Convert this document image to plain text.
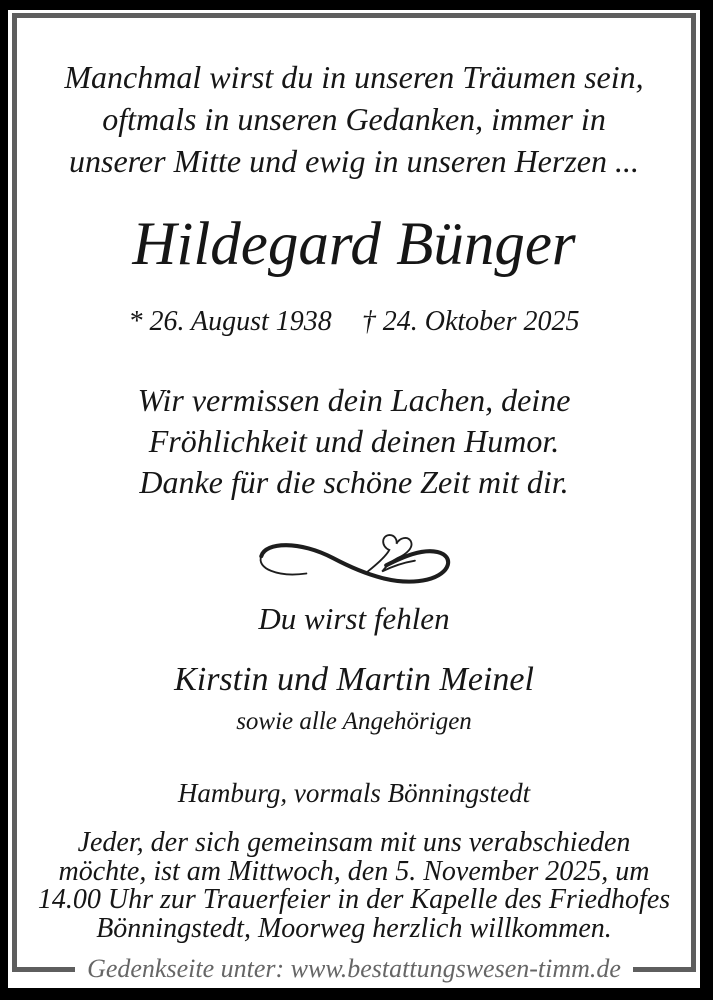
Manchmal wirst du in unseren Träumen sein,
oftmals in unseren Gedanken, immer in
unserer Mitte und ewig in unseren Herzen ...
Hildegard Bünger
* 26. August 1938 † 24. Oktober 2025
Wir vermissen dein Lachen, deine
Fröhlichkeit und deinen Humor.
Danke für die schöne Zeit mit dir.
Du wirst fehlen
Kirstin und Martin Meinel
sowie alle Angehörigen
Hamburg, vormals Bönningstedt
Jeder, der sich gemeinsam mit uns verabschieden
möchte, ist am Mittwoch, den 5. November 2025, um
14.00 Uhr zur Trauerfeier in der Kapelle des Friedhofes
Bönningstedt, Moorweg herzlich willkommen.
Gedenkseite unter: www.bestattungswesen-timm.de
